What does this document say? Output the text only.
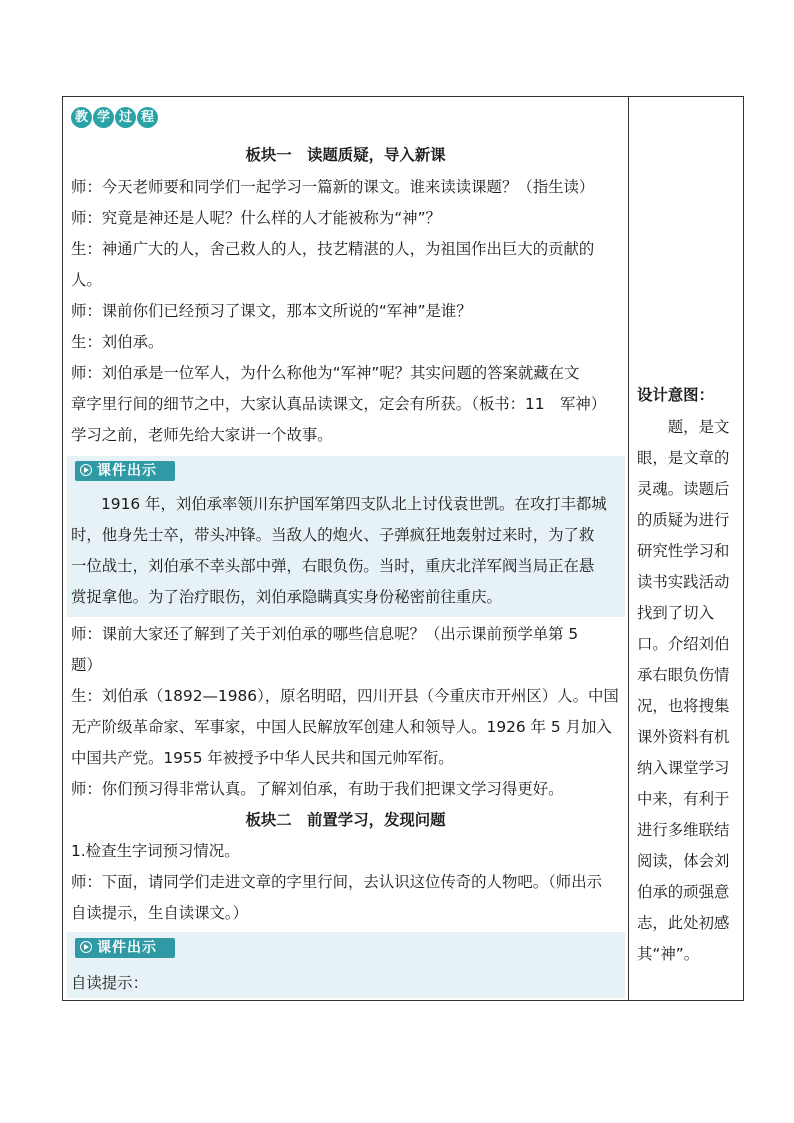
教 学 过 程
板块一　读题质疑，导入新课
师：今天老师要和同学们一起学习一篇新的课文。谁来读读课题？（指生读）
师：究竟是神还是人呢？什么样的人才能被称为“神”？
生：神通广大的人，舍己救人的人，技艺精湛的人，为祖国作出巨大的贡献的
人。
师：课前你们已经预习了课文，那本文所说的“军神”是谁？
生：刘伯承。
师：刘伯承是一位军人，为什么称他为“军神”呢？其实问题的答案就藏在文
章字里行间的细节之中，大家认真品读课文，定会有所获。（板书：11　军神）
学习之前，老师先给大家讲一个故事。
课件出示
1916 年，刘伯承率领川东护国军第四支队北上讨伐袁世凯。在攻打丰都城
时，他身先士卒，带头冲锋。当敌人的炮火、子弹疯狂地轰射过来时，为了救
一位战士，刘伯承不幸头部中弹，右眼负伤。当时，重庆北洋军阀当局正在悬
赏捉拿他。为了治疗眼伤，刘伯承隐瞒真实身份秘密前往重庆。
师：课前大家还了解到了关于刘伯承的哪些信息呢？（出示课前预学单第 5
题）
生：刘伯承（1892—1986），原名明昭，四川开县（今重庆市开州区）人。中国
无产阶级革命家、军事家，中国人民解放军创建人和领导人。1926 年 5 月加入
中国共产党。1955 年被授予中华人民共和国元帅军衔。
师：你们预习得非常认真。了解刘伯承，有助于我们把课文学习得更好。
板块二　前置学习，发现问题
1.检查生字词预习情况。
师：下面，请同学们走进文章的字里行间，去认识这位传奇的人物吧。（师出示
自读提示，生自读课文。）
课件出示
自读提示：
设计意图：
　　题，是文
眼，是文章的
灵魂。读题后
的质疑为进行
研究性学习和
读书实践活动
找到了切入
口。介绍刘伯
承右眼负伤情
况，也将搜集
课外资料有机
纳入课堂学习
中来，有利于
进行多维联结
阅读，体会刘
伯承的顽强意
志，此处初感
其“神”。
